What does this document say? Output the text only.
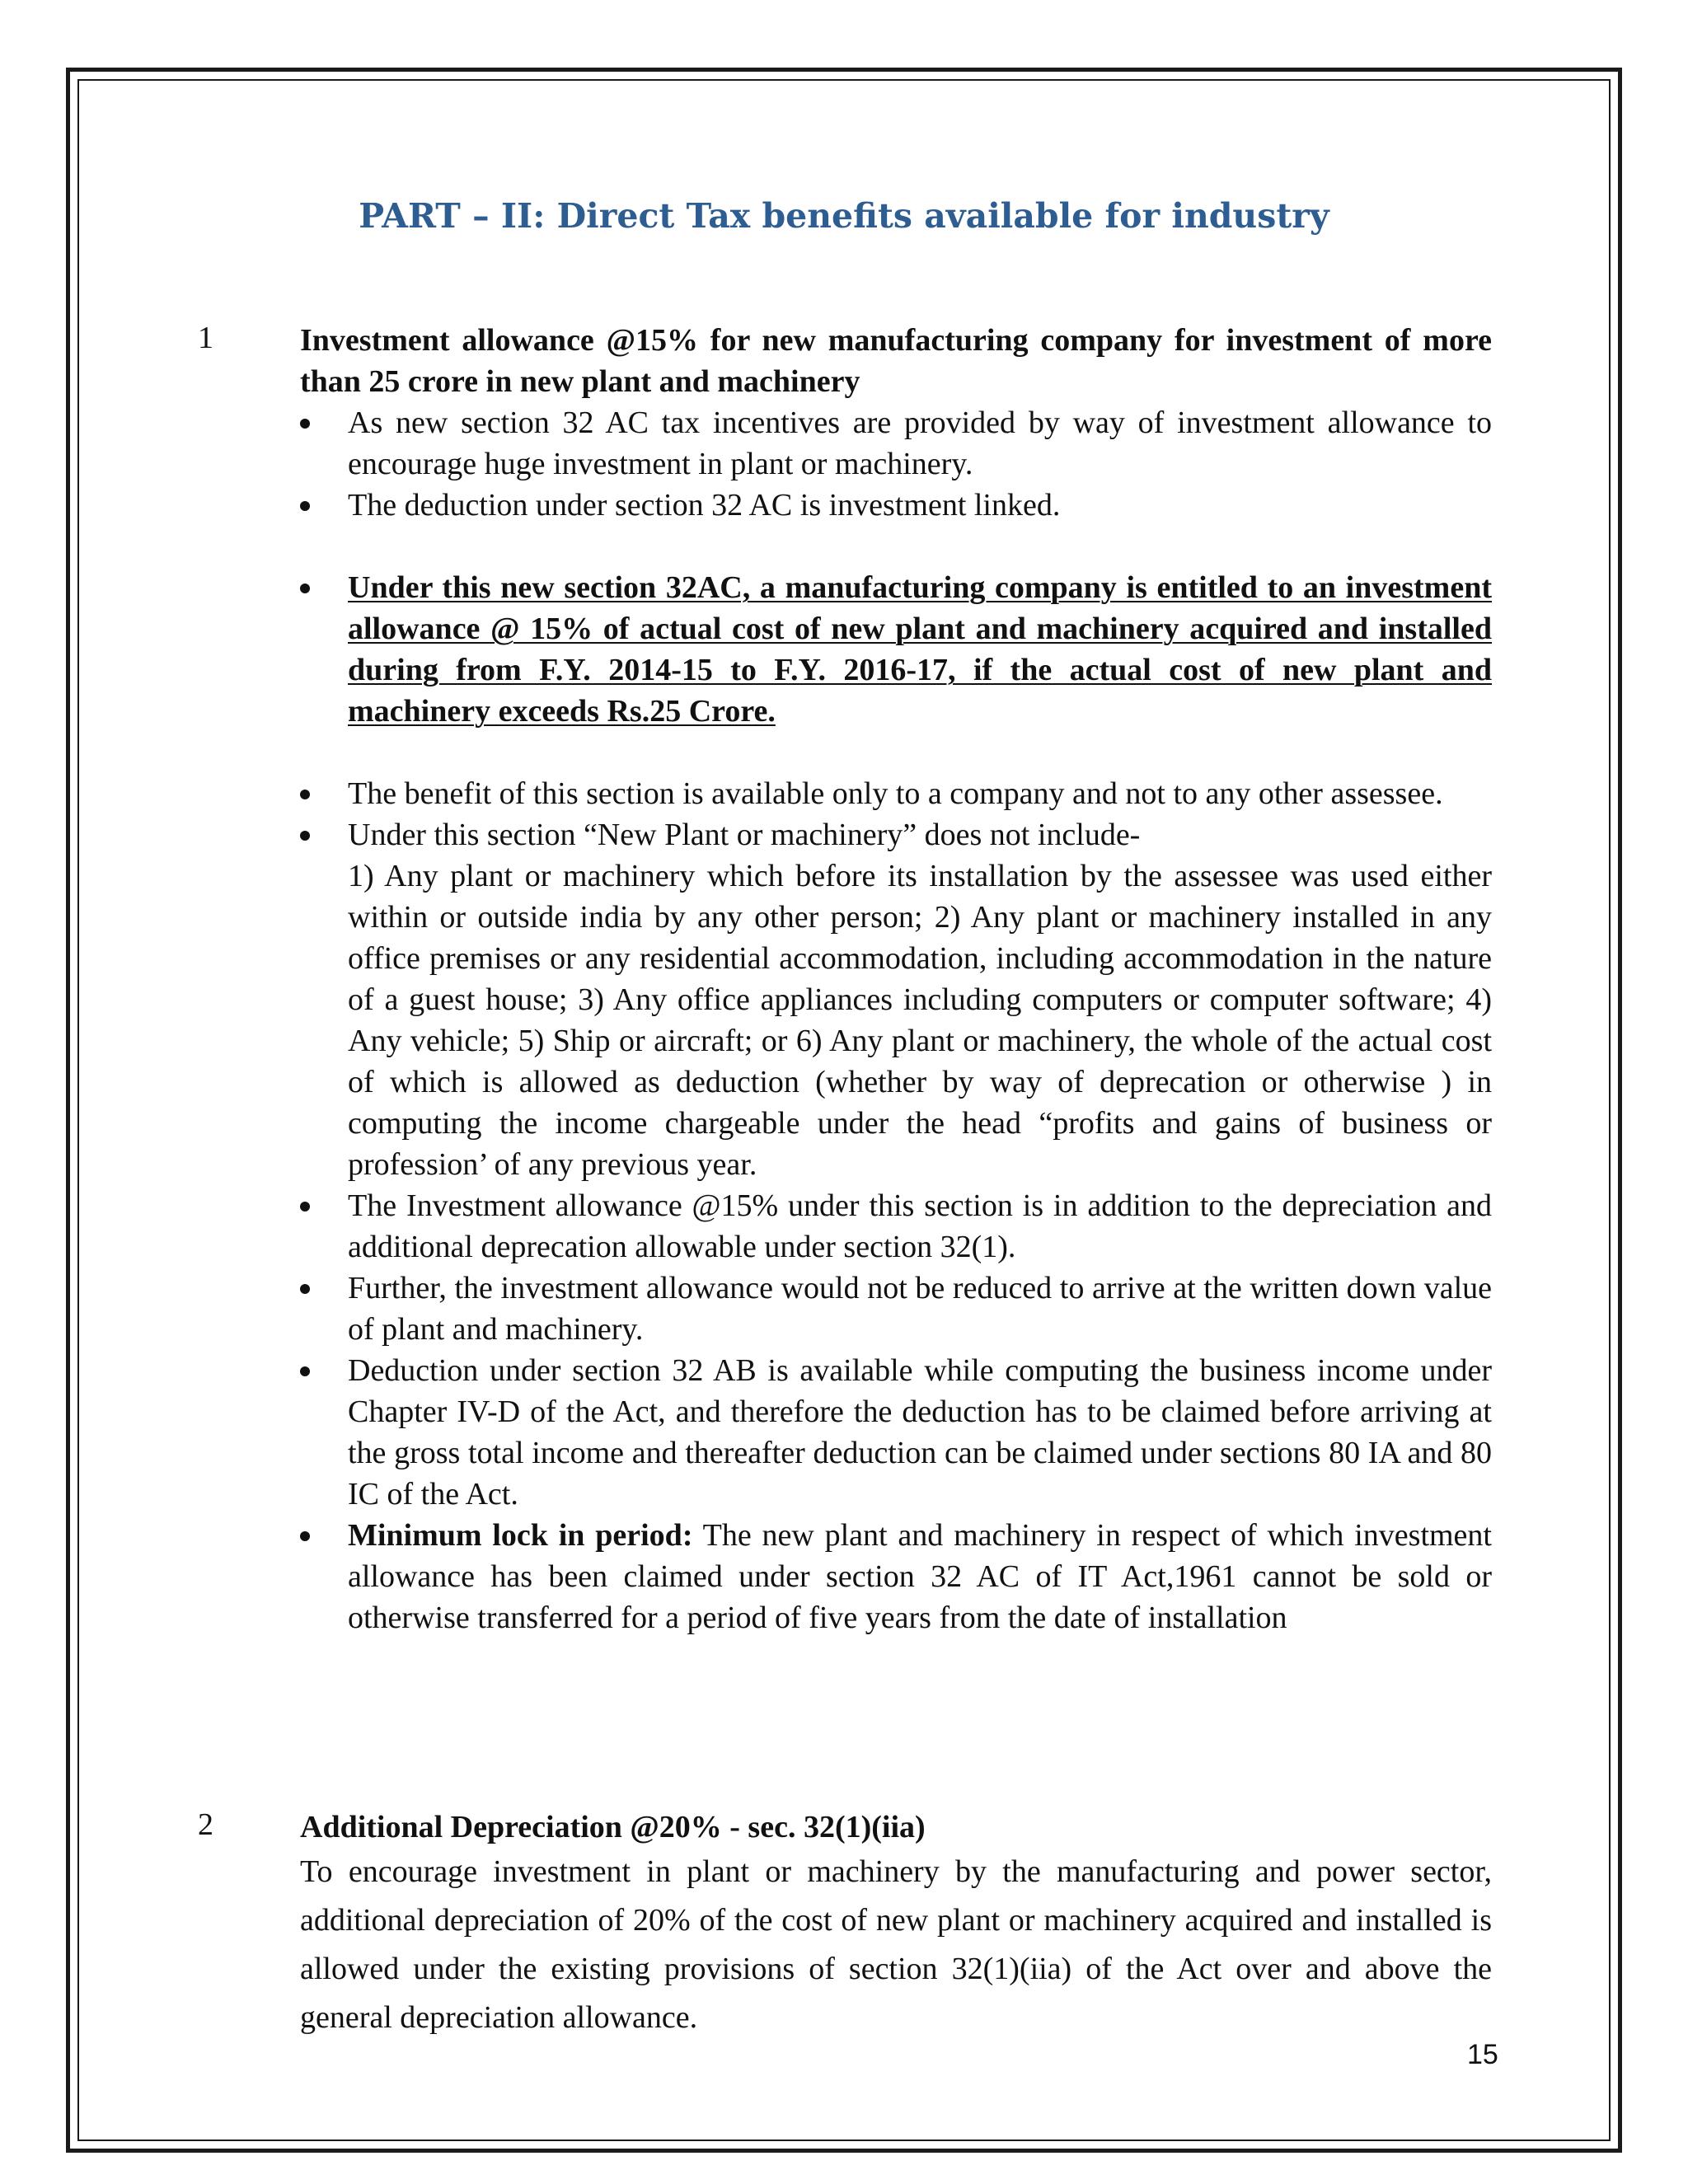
PART – II: Direct Tax benefits available for industry
1	Investment allowance @15% for new manufacturing company for investment of more than 25 crore in new plant and machinery

As new section 32 AC tax incentives are provided by way of investment allowance to encourage huge investment in plant or machinery.
The deduction under section 32 AC is investment linked.
Under this new section 32AC, a manufacturing company is entitled to an investment allowance @ 15% of actual cost of new plant and machinery acquired and installed during from F.Y. 2014-15 to F.Y. 2016-17, if the actual cost of new plant and machinery exceeds Rs.25 Crore.
The benefit of this section is available only to a company and not to any other assessee.
Under this section “New Plant or machinery” does not include-
1) Any plant or machinery which before its installation by the assessee was used either within or outside india by any other person; 2) Any plant or machinery installed in any office premises or any residential accommodation, including accommodation in the nature of a guest house; 3) Any office appliances including computers or computer software; 4) Any vehicle; 5) Ship or aircraft; or 6) Any plant or machinery, the whole of the actual cost of which is allowed as deduction (whether by way of deprecation or otherwise ) in computing the income chargeable under the head “profits and gains of business or profession’ of any previous year.
The Investment allowance @15% under this section is in addition to the depreciation and additional deprecation allowable under section 32(1).
Further, the investment allowance would not be reduced to arrive at the written down value of plant and machinery.
Deduction under section 32 AB is available while computing the business income under Chapter IV-D of the Act, and therefore the deduction has to be claimed before arriving at the gross total income and thereafter deduction can be claimed under sections 80 IA and 80 IC of the Act.
Minimum lock in period: The new plant and machinery in respect of which investment allowance has been claimed under section 32 AC of IT Act,1961 cannot be sold or otherwise transferred for a period of five years from the date of installation
2	Additional Depreciation @20% - sec. 32(1)(iia)

To encourage investment in plant or machinery by the manufacturing and power sector, additional depreciation of 20% of the cost of new plant or machinery acquired and installed is allowed under the existing provisions of section 32(1)(iia) of the Act over and above the general depreciation allowance.

15
